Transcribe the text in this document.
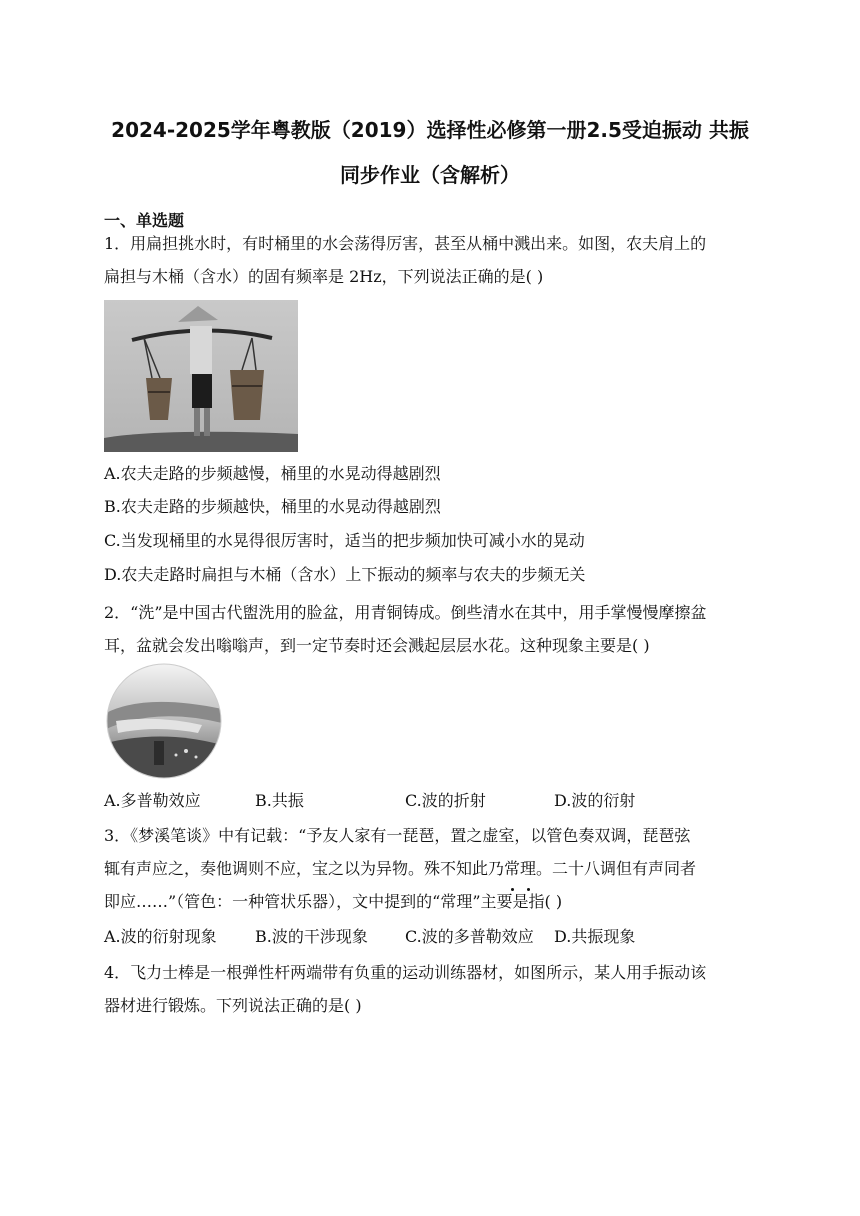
2024-2025学年粤教版（2019）选择性必修第一册2.5受迫振动 共振
同步作业（含解析）
一、单选题
1．用扁担挑水时，有时桶里的水会荡得厉害，甚至从桶中溅出来。如图，农夫肩上的
扁担与木桶（含水）的固有频率是 2Hz，下列说法正确的是( )
A.农夫走路的步频越慢，桶里的水晃动得越剧烈
B.农夫走路的步频越快，桶里的水晃动得越剧烈
C.当发现桶里的水晃得很厉害时，适当的把步频加快可减小水的晃动
D.农夫走路时扁担与木桶（含水）上下振动的频率与农夫的步频无关
2．“洗”是中国古代盥洗用的脸盆，用青铜铸成。倒些清水在其中，用手掌慢慢摩擦盆
耳，盆就会发出嗡嗡声，到一定节奏时还会溅起层层水花。这种现象主要是( )
A.多普勒效应	B.共振	C.波的折射	D.波的衍射
3．《梦溪笔谈》中有记载：“予友人家有一琵琶，置之虚室，以管色奏双调，琵琶弦
辄有声应之，奏他调则不应，宝之以为异物。殊不知此乃常理。二十八调但有声同者
即应……”（管色：一种管状乐器），文中提到的“常理”主要是指( )
A.波的衍射现象 B.波的干涉现象 C.波的多普勒效应 D.共振现象
4．飞力士棒是一根弹性杆两端带有负重的运动训练器材，如图所示，某人用手振动该
器材进行锻炼。下列说法正确的是( )
